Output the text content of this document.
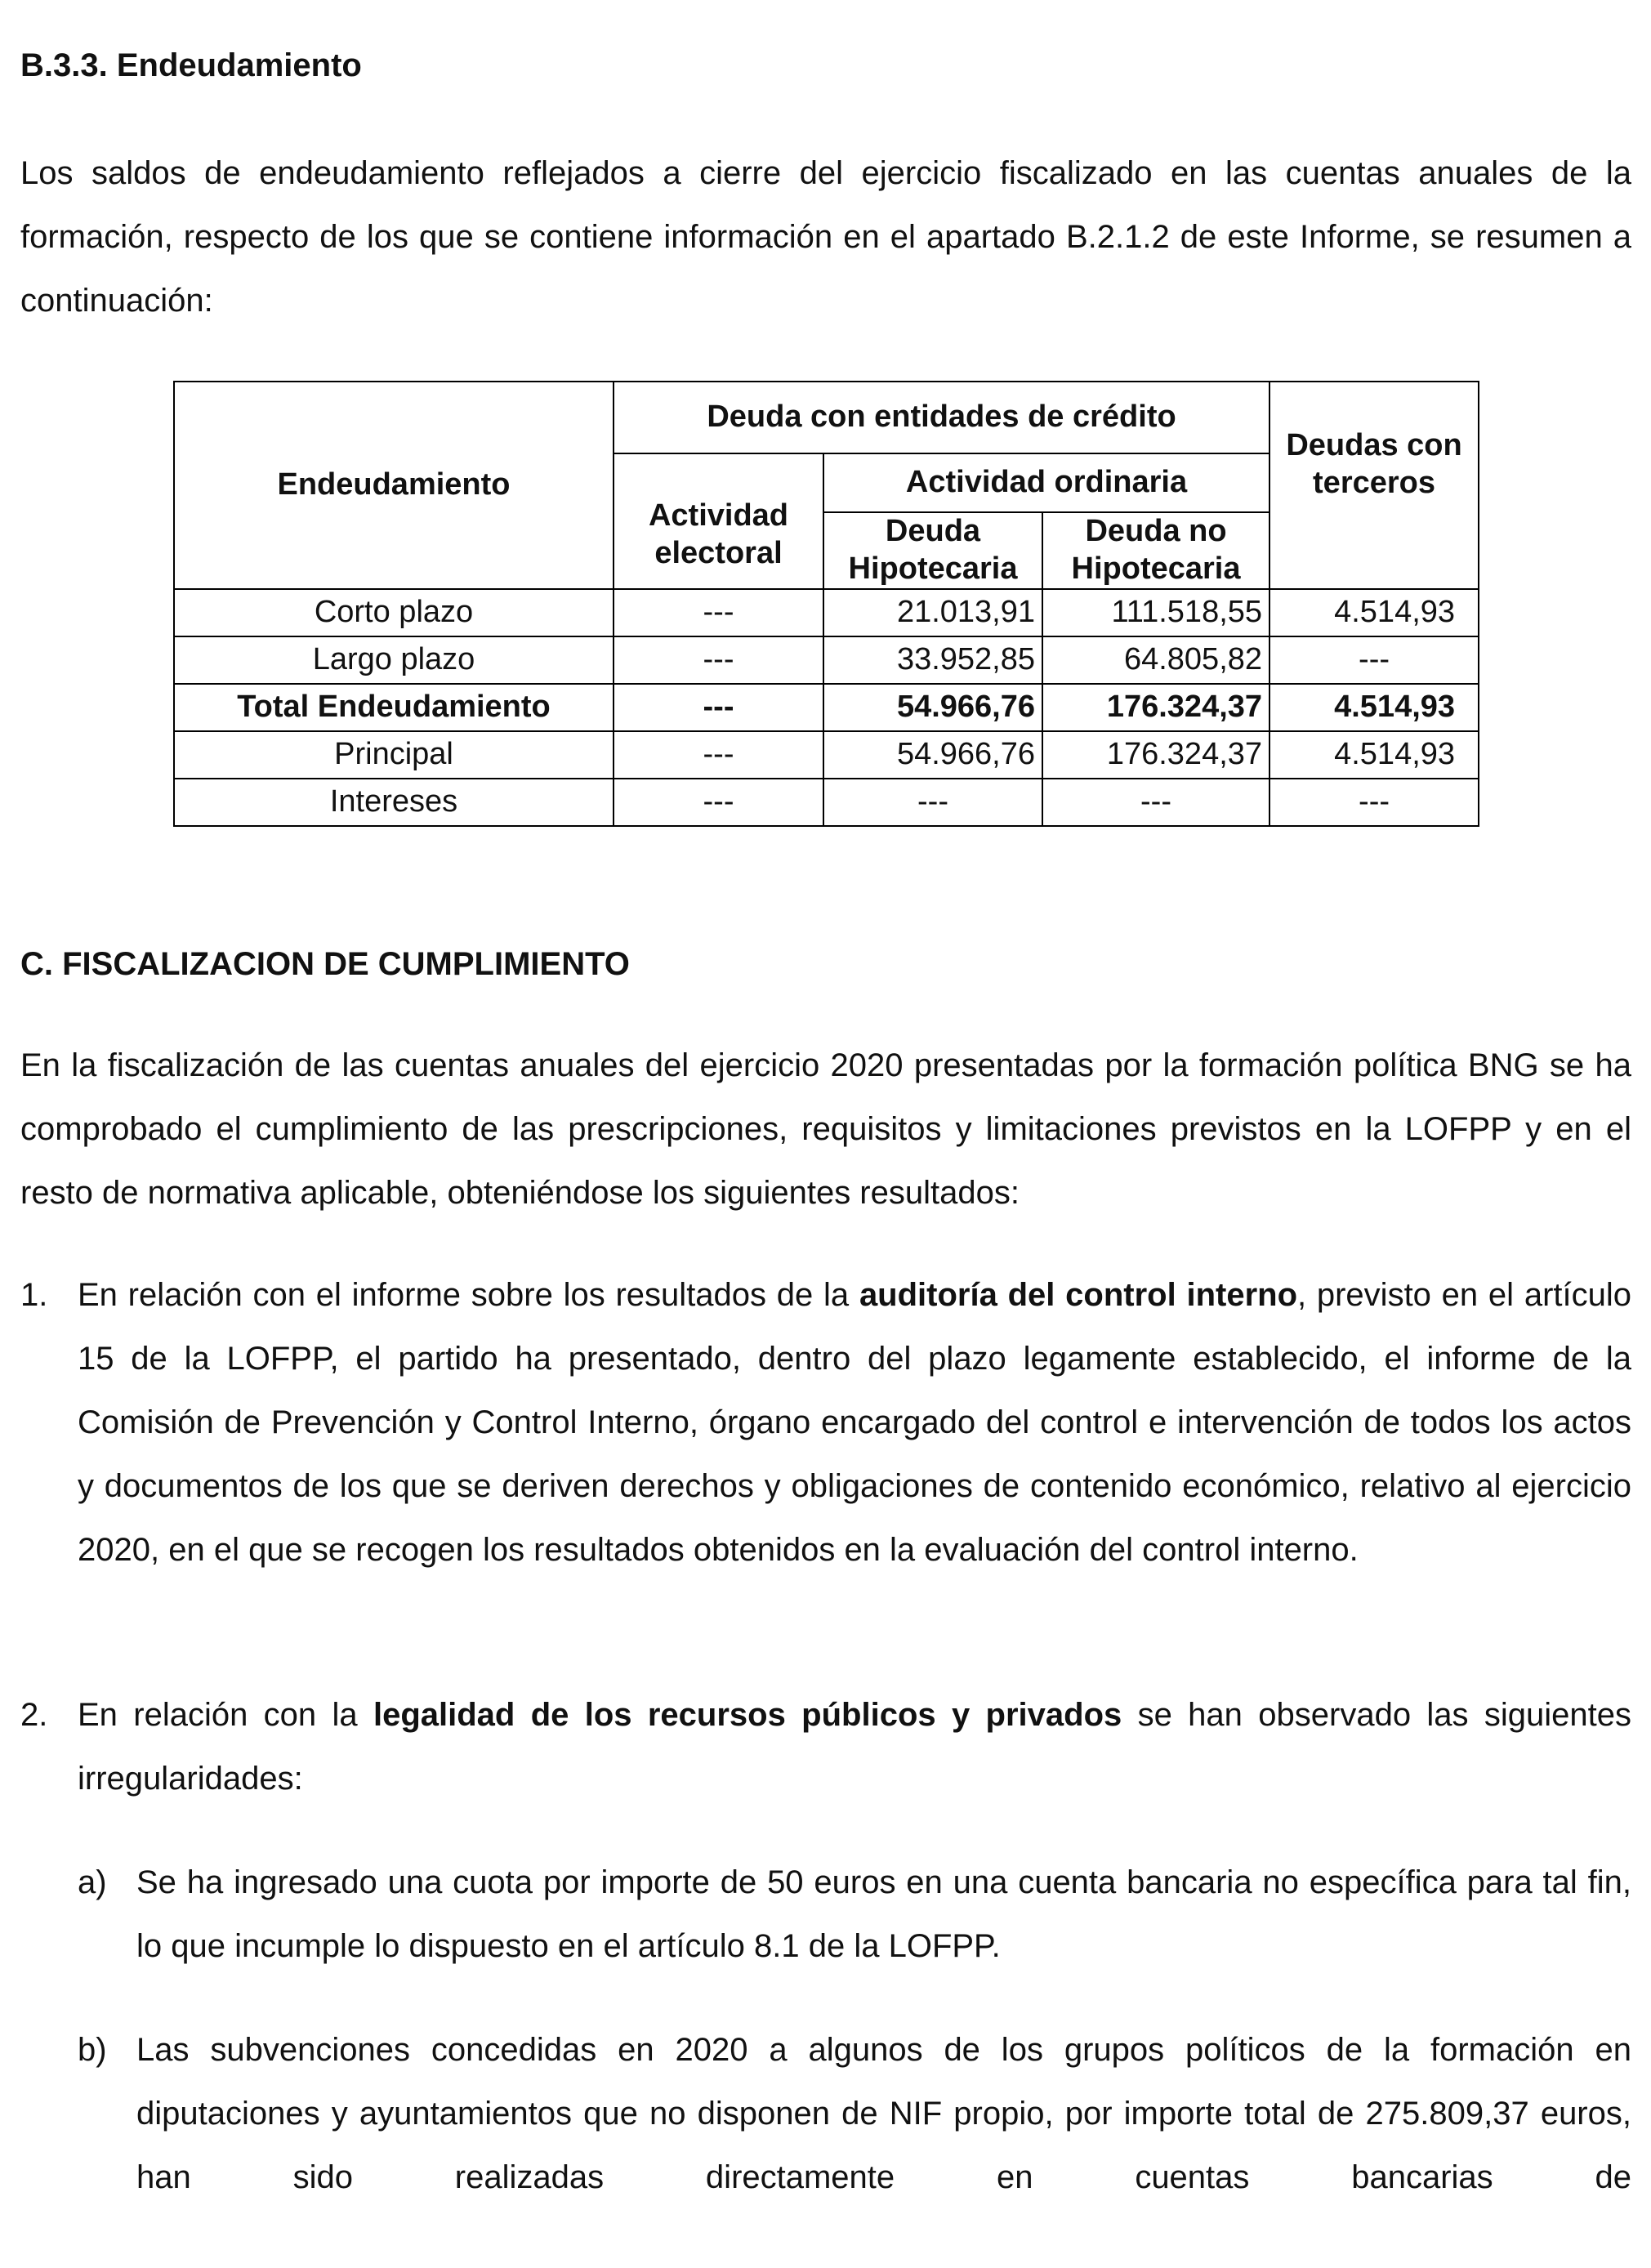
B.3.3. Endeudamiento

Los saldos de endeudamiento reflejados a cierre del ejercicio fiscalizado en las cuentas anuales de la formación, respecto de los que se contiene información en el apartado B.2.1.2 de este Informe, se resumen a continuación:

Endeudamiento	Deuda con entidades de crédito			Deudas con terceros
	Actividad electoral	Actividad ordinaria		
		Deuda Hipotecaria	Deuda no Hipotecaria	
Corto plazo	---	21.013,91	111.518,55	4.514,93
Largo plazo	---	33.952,85	64.805,82	---
Total Endeudamiento	---	54.966,76	176.324,37	4.514,93
Principal	---	54.966,76	176.324,37	4.514,93
Intereses	---	---	---	---
C. FISCALIZACION DE CUMPLIMIENTO

En la fiscalización de las cuentas anuales del ejercicio 2020 presentadas por la formación política BNG se ha comprobado el cumplimiento de las prescripciones, requisitos y limitaciones previstos en la LOFPP y en el resto de normativa aplicable, obteniéndose los siguientes resultados:

1. En relación con el informe sobre los resultados de la auditoría del control interno, previsto en el artículo 15 de la LOFPP, el partido ha presentado, dentro del plazo legamente establecido, el informe de la Comisión de Prevención y Control Interno, órgano encargado del control e intervención de todos los actos y documentos de los que se deriven derechos y obligaciones de contenido económico, relativo al ejercicio 2020, en el que se recogen los resultados obtenidos en la evaluación del control interno.

2. En relación con la legalidad de los recursos públicos y privados se han observado las siguientes irregularidades:

a) Se ha ingresado una cuota por importe de 50 euros en una cuenta bancaria no específica para tal fin, lo que incumple lo dispuesto en el artículo 8.1 de la LOFPP.

b) Las subvenciones concedidas en 2020 a algunos de los grupos políticos de la formación en diputaciones y ayuntamientos que no disponen de NIF propio, por importe total de 275.809,37 euros, han sido realizadas directamente en cuentas bancarias de
